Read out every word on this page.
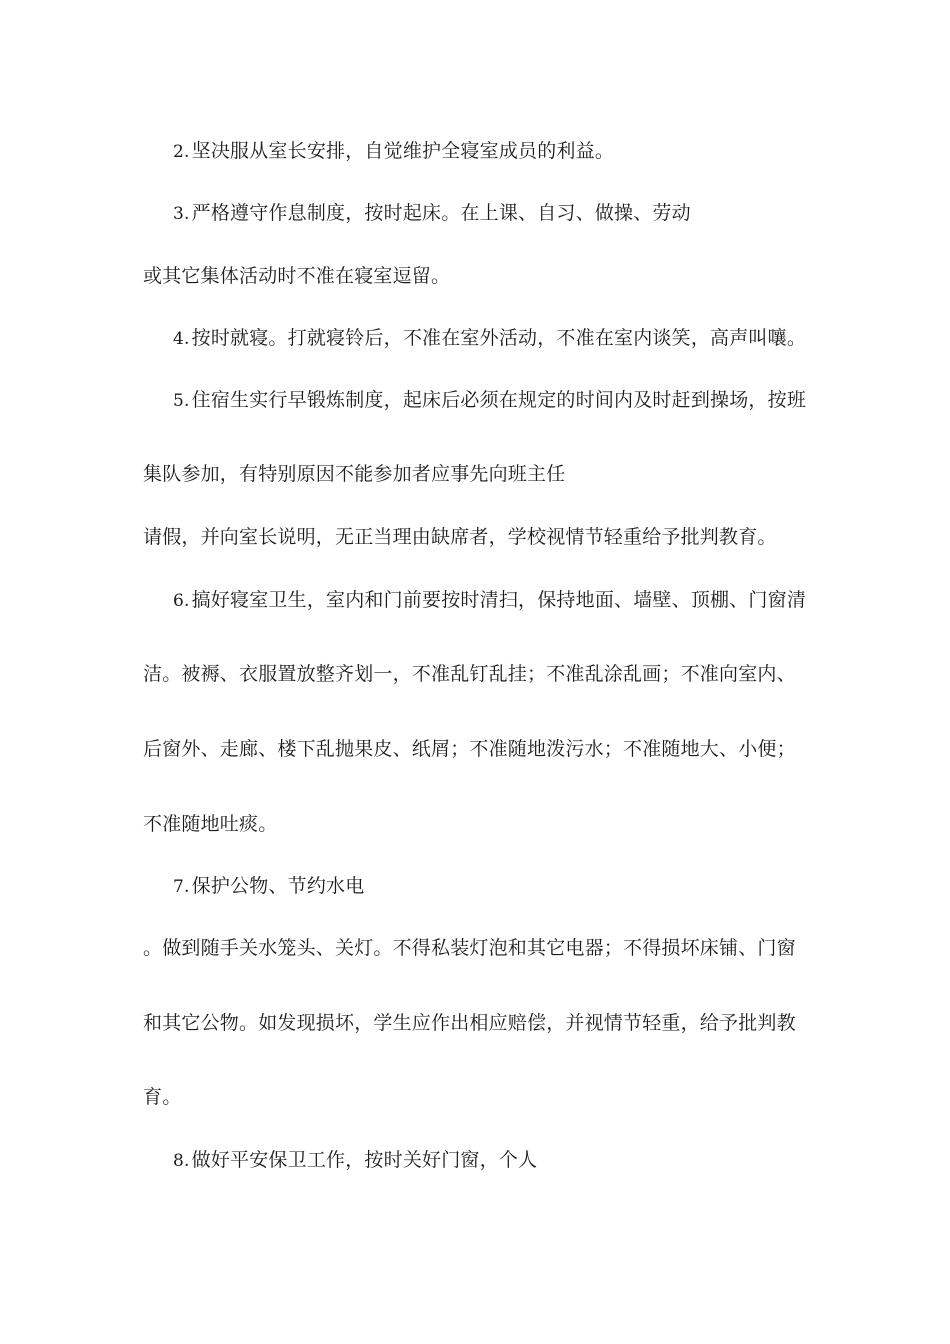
2. 坚决服从室长安排，自觉维护全寝室成员的利益。
3. 严格遵守作息制度，按时起床。在上课、自习、做操、劳动
或其它集体活动时不准在寝室逗留。
4. 按时就寝。打就寝铃后，不准在室外活动，不准在室内谈笑，高声叫嚷。
5. 住宿生实行早锻炼制度，起床后必须在规定的时间内及时赶到操场，按班
集队参加，有特别原因不能参加者应事先向班主任
请假，并向室长说明，无正当理由缺席者，学校视情节轻重给予批判教育。
6. 搞好寝室卫生，室内和门前要按时清扫，保持地面、墙壁、顶棚、门窗清
洁。被褥、衣服置放整齐划一，不准乱钉乱挂；不准乱涂乱画；不准向室内、
后窗外、走廊、楼下乱抛果皮、纸屑；不准随地泼污水；不准随地大、小便；
不准随地吐痰。
7. 保护公物、节约水电
。做到随手关水笼头、关灯。不得私装灯泡和其它电器；不得损坏床铺、门窗
和其它公物。如发现损坏，学生应作出相应赔偿，并视情节轻重，给予批判教
育。
8. 做好平安保卫工作，按时关好门窗，个人
